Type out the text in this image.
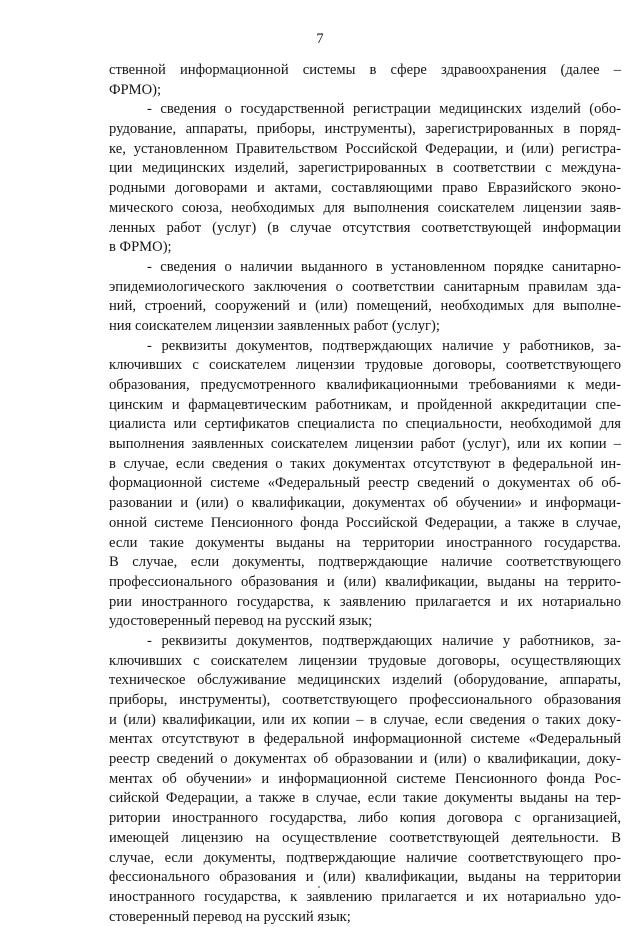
7
ственной информационной системы в сфере здравоохранения (далее –
ФРМО);
- сведения о государственной регистрации медицинских изделий (обо-
рудование, аппараты, приборы, инструменты), зарегистрированных в поряд-
ке, установленном Правительством Российской Федерации, и (или) регистра-
ции медицинских изделий, зарегистрированных в соответствии с междуна-
родными договорами и актами, составляющими право Евразийского эконо-
мического союза, необходимых для выполнения соискателем лицензии заяв-
ленных работ (услуг) (в случае отсутствия соответствующей информации
в ФРМО);
- сведения о наличии выданного в установленном порядке санитарно-
эпидемиологического заключения о соответствии санитарным правилам зда-
ний, строений, сооружений и (или) помещений, необходимых для выполне-
ния соискателем лицензии заявленных работ (услуг);
- реквизиты документов, подтверждающих наличие у работников, за-
ключивших с соискателем лицензии трудовые договоры, соответствующего
образования, предусмотренного квалификационными требованиями к меди-
цинским и фармацевтическим работникам, и пройденной аккредитации спе-
циалиста или сертификатов специалиста по специальности, необходимой для
выполнения заявленных соискателем лицензии работ (услуг), или их копии –
в случае, если сведения о таких документах отсутствуют в федеральной ин-
формационной системе «Федеральный реестр сведений о документах об об-
разовании и (или) о квалификации, документах об обучении» и информаци-
онной системе Пенсионного фонда Российской Федерации, а также в случае,
если такие документы выданы на территории иностранного государства.
В случае, если документы, подтверждающие наличие соответствующего
профессионального образования и (или) квалификации, выданы на террито-
рии иностранного государства, к заявлению прилагается и их нотариально
удостоверенный перевод на русский язык;
- реквизиты документов, подтверждающих наличие у работников, за-
ключивших с соискателем лицензии трудовые договоры, осуществляющих
техническое обслуживание медицинских изделий (оборудование, аппараты,
приборы, инструменты), соответствующего профессионального образования
и (или) квалификации, или их копии – в случае, если сведения о таких доку-
ментах отсутствуют в федеральной информационной системе «Федеральный
реестр сведений о документах об образовании и (или) о квалификации, доку-
ментах об обучении» и информационной системе Пенсионного фонда Рос-
сийской Федерации, а также в случае, если такие документы выданы на тер-
ритории иностранного государства, либо копия договора с организацией,
имеющей лицензию на осуществление соответствующей деятельности. В
случае, если документы, подтверждающие наличие соответствующего про-
фессионального образования и (или) квалификации, выданы на территории
иностранного государства, к заявлению прилагается и их нотариально удо-
стоверенный перевод на русский язык;
